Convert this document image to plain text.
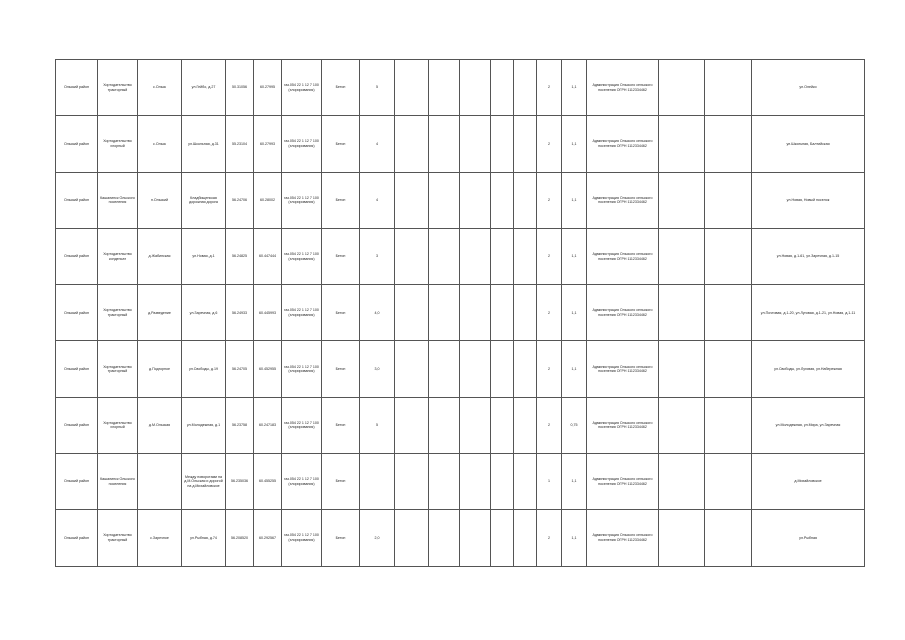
Ольский район	Хортодательство тракторный	с.Ольск	ул.Гейбо, д.27	50.31056	60.27995	газ.054 22 1 12 7 100 (хлорирования)	Бетон	5						2	1,1	Администрация Ольского сельского поселения ОГРН 1112334462			ул.Олейко
Ольский район	Хортодательство хлорный	с.Ольск	ул.Школьная, д.31	55.23104	60.27993	газ.054 22 1 12 7 100 (хлорирования)	Бетон	4						2	1,1	Администрация Ольского сельского поселения ОГРН 1112334462			ул.Школьная, Балтийская
Ольский район	Кашалинск Ольского поселения	п.Ольский	Кладбищенская дорожная дорога	56.24706	60.28002	газ.054 22 1 12 7 100 (хлорирования)	Бетон	4						2	1,1	Администрация Ольского сельского поселения ОГРН 1112334462			ул.Новая, Новый поселок
Ольский район	Хортодательство конденсат	д.Жабинская	ул.Новая, д.1	56.24825	60.447444	газ.054 22 1 12 7 100 (хлорирования)	Бетон	3						2	1,1	Администрация Ольского сельского поселения ОГРН 1112334462			ул.Новая, д.1-61, ул.Заречная, д.1-15
Ольский район	Хортодательство тракторный	д.Разведение	ул.Заречная, д.6	56.24933	60.445993	газ.054 22 1 12 7 100 (хлорирования)	Бетон	4,0						2	1,1	Администрация Ольского сельского поселения ОГРН 1112334462			ул.Почтовая, д.1-20, ул.Луговая, д.1-21, ул.Новая, д.1-11
Ольский район	Хортодательство тракторный	д.Подгорное	ул.Свободы, д.19	56.24705	60.452955	газ.054 22 1 12 7 100 (хлорирования)	Бетон	3,0						2	1,1	Администрация Ольского сельского поселения ОГРН 1112334462			ул.Свободы, ул.Луговая, ул.Набережная
Ольский район	Хортодательство хлорный	д.М.Ольская	ул.Молодежная, д.1	56.23758	60.247183	газ.054 22 1 12 7 100 (хлорирования)	Бетон	5						2	0,75	Администрация Ольского сельского поселения ОГРН 1112334462			ул.Молодежная, ул.Мира, ул.Заречная
Ольский район	Кашалинск Ольского поселения		Между поворотами на д.М.Ольская и дорогой на д.Михайловское	56.235036	60.455255	газ.054 22 1 12 7 100 (хлорирования)	Бетон							1	1,1	Администрация Ольского сельского поселения ОГРН 1112334462			д.Михайловское
Ольский район	Хортодательство тракторный	с.Заречное	ул.Рыбная, д.74	56.208520	60.292567	газ.054 22 1 12 7 100 (хлорирования)	Бетон	2,0						2	1,1	Администрация Ольского сельского поселения ОГРН 1112334462			ул.Рыбная
